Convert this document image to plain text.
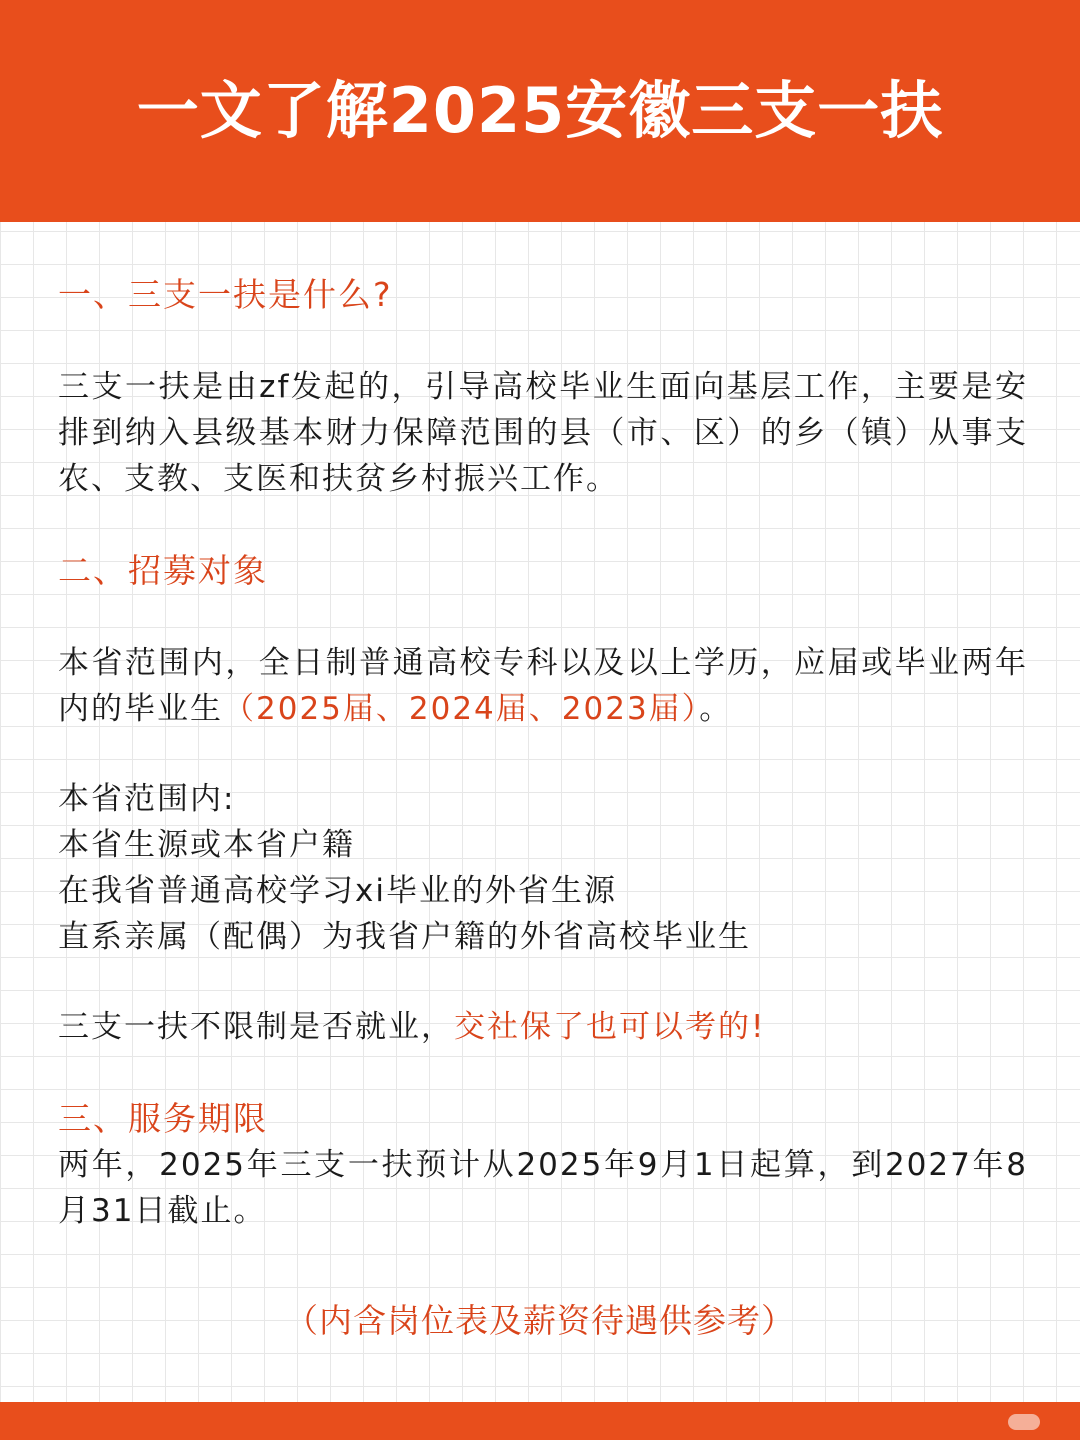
一文了解2025安徽三支一扶

一、三支一扶是什么?

三支一扶是由zf发起的，引导高校毕业生面向基层工作，主要是安排到纳入县级基本财力保障范围的县（市、区）的乡（镇）从事支农、支教、支医和扶贫乡村振兴工作。

二、招募对象

本省范围内，全日制普通高校专科以及以上学历，应届或毕业两年内的毕业生（2025届、2024届、2023届）。

本省范围内:

本省生源或本省户籍

在我省普通高校学习xi毕业的外省生源

直系亲属（配偶）为我省户籍的外省高校毕业生

三支一扶不限制是否就业，交社保了也可以考的!

三、服务期限

两年，2025年三支一扶预计从2025年9月1日起算，到2027年8月31日截止。

（内含岗位表及薪资待遇供参考）
